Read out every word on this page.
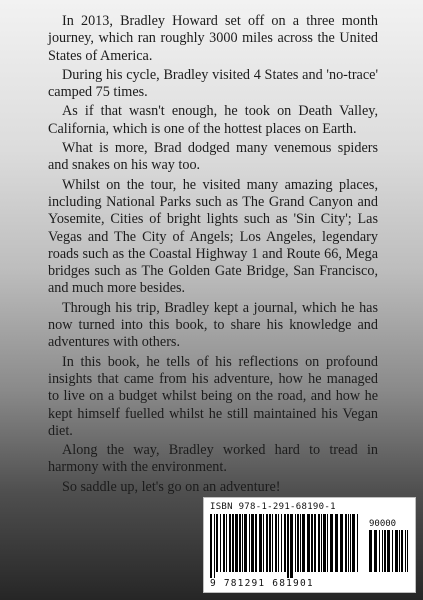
In 2013, Bradley Howard set off on a three month journey, which ran roughly 3000 miles across the United States of America.

During his cycle, Bradley visited 4 States and 'no-trace' camped 75 times.

As if that wasn't enough, he took on Death Valley, California, which is one of the hottest places on Earth.

What is more, Brad dodged many venemous spiders and snakes on his way too.

Whilst on the tour, he visited many amazing places, including National Parks such as The Grand Canyon and Yosemite, Cities of bright lights such as 'Sin City'; Las Vegas and The City of Angels; Los Angeles, legendary roads such as the Coastal Highway 1 and Route 66, Mega bridges such as The Golden Gate Bridge, San Francisco, and much more besides.

Through his trip, Bradley kept a journal, which he has now turned into this book, to share his knowledge and adventures with others.

In this book, he tells of his reflections on profound insights that came from his adventure, how he managed to live on a budget whilst being on the road, and how he kept himself fuelled whilst he still maintained his Vegan diet.

Along the way, Bradley worked hard to tread in harmony with the environment.

So saddle up, let's go on an adventure!

ISBN 978-1-291-68190-1
90000
9 781291 681901
